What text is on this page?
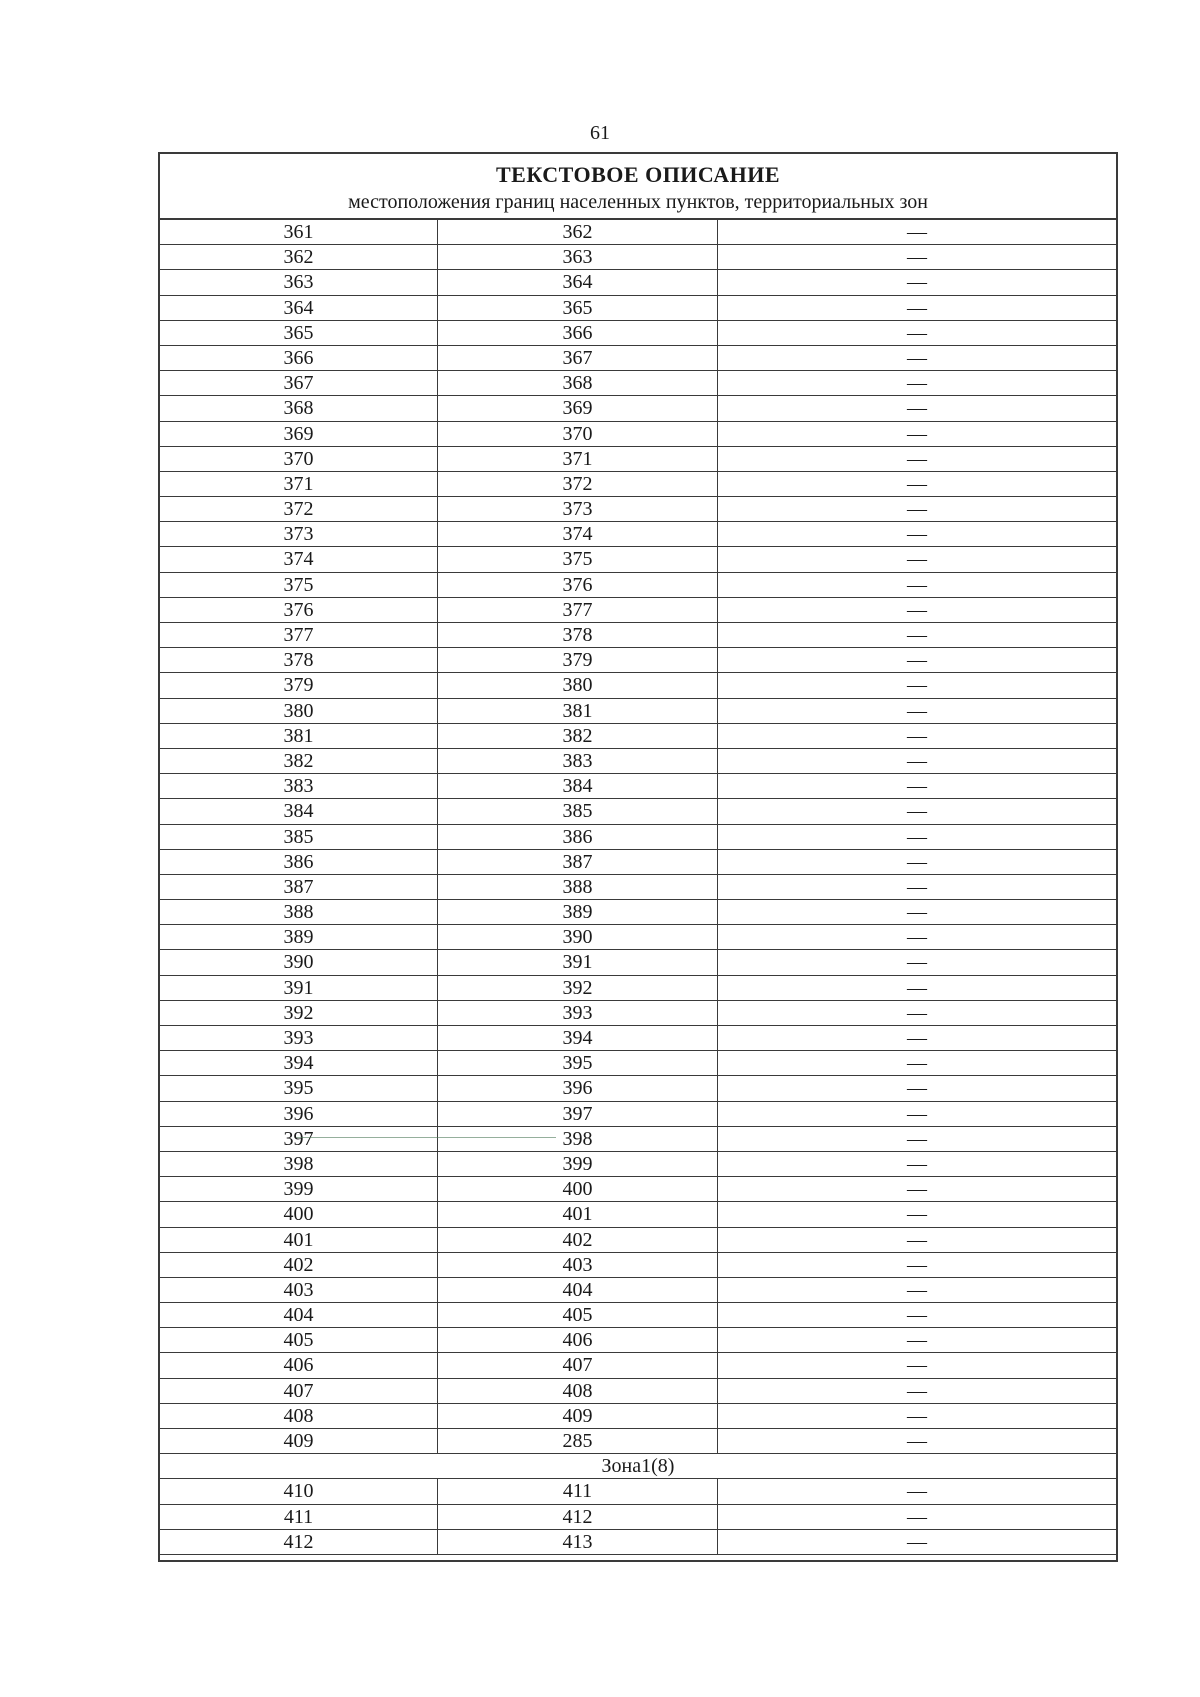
61
ТЕКСТОВОЕ ОПИСАНИЕ
местоположения границ населенных пунктов, территориальных зон
361	362	—
362	363	—
363	364	—
364	365	—
365	366	—
366	367	—
367	368	—
368	369	—
369	370	—
370	371	—
371	372	—
372	373	—
373	374	—
374	375	—
375	376	—
376	377	—
377	378	—
378	379	—
379	380	—
380	381	—
381	382	—
382	383	—
383	384	—
384	385	—
385	386	—
386	387	—
387	388	—
388	389	—
389	390	—
390	391	—
391	392	—
392	393	—
393	394	—
394	395	—
395	396	—
396	397	—
397	398	—
398	399	—
399	400	—
400	401	—
401	402	—
402	403	—
403	404	—
404	405	—
405	406	—
406	407	—
407	408	—
408	409	—
409	285	—
Зона1(8)
410	411	—
411	412	—
412	413	—
